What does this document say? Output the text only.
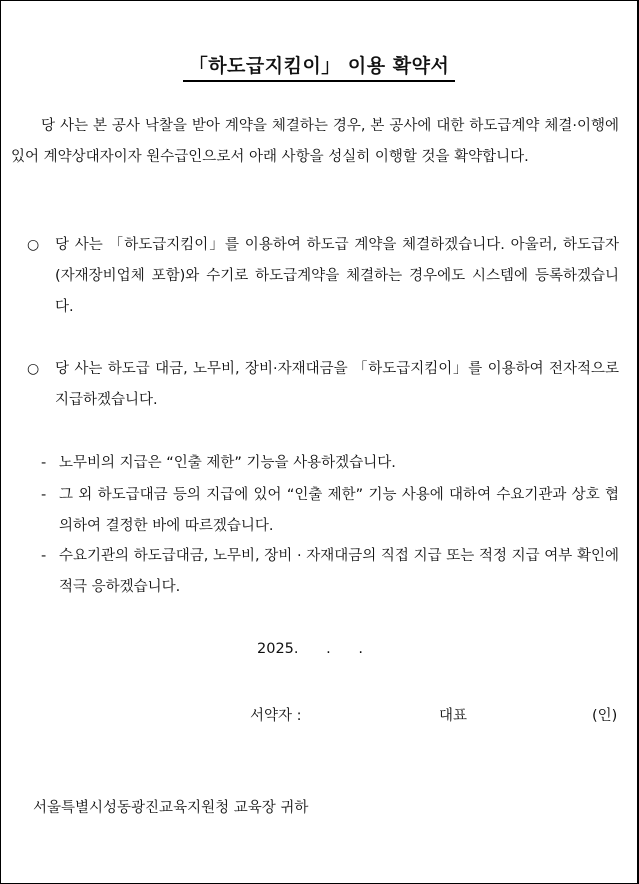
「하도급지킴이」 이용 확약서
당 사는 본 공사 낙찰을 받아 계약을 체결하는 경우, 본 공사에 대한 하도급계약 체결·이행에 있어 계약상대자이자 원수급인으로서 아래 사항을 성실히 이행할 것을 확약합니다.
○ 당 사는 「하도급지킴이」를 이용하여 하도급 계약을 체결하겠습니다. 아울러, 하도급자(자재장비업체 포함)와 수기로 하도급계약을 체결하는 경우에도 시스템에 등록하겠습니다.
○ 당 사는 하도급 대금, 노무비, 장비·자재대금을 「하도급지킴이」를 이용하여 전자적으로 지급하겠습니다.
- 노무비의 지급은 “인출 제한” 기능을 사용하겠습니다.
- 그 외 하도급대금 등의 지급에 있어 “인출 제한” 기능 사용에 대하여 수요기관과 상호 협의하여 결정한 바에 따르겠습니다.
- 수요기관의 하도급대금, 노무비, 장비 · 자재대금의 직접 지급 또는 적정 지급 여부 확인에 적극 응하겠습니다.
2025.      .      .
서약자 :	대표	(인)
서울특별시성동광진교육지원청 교육장 귀하
